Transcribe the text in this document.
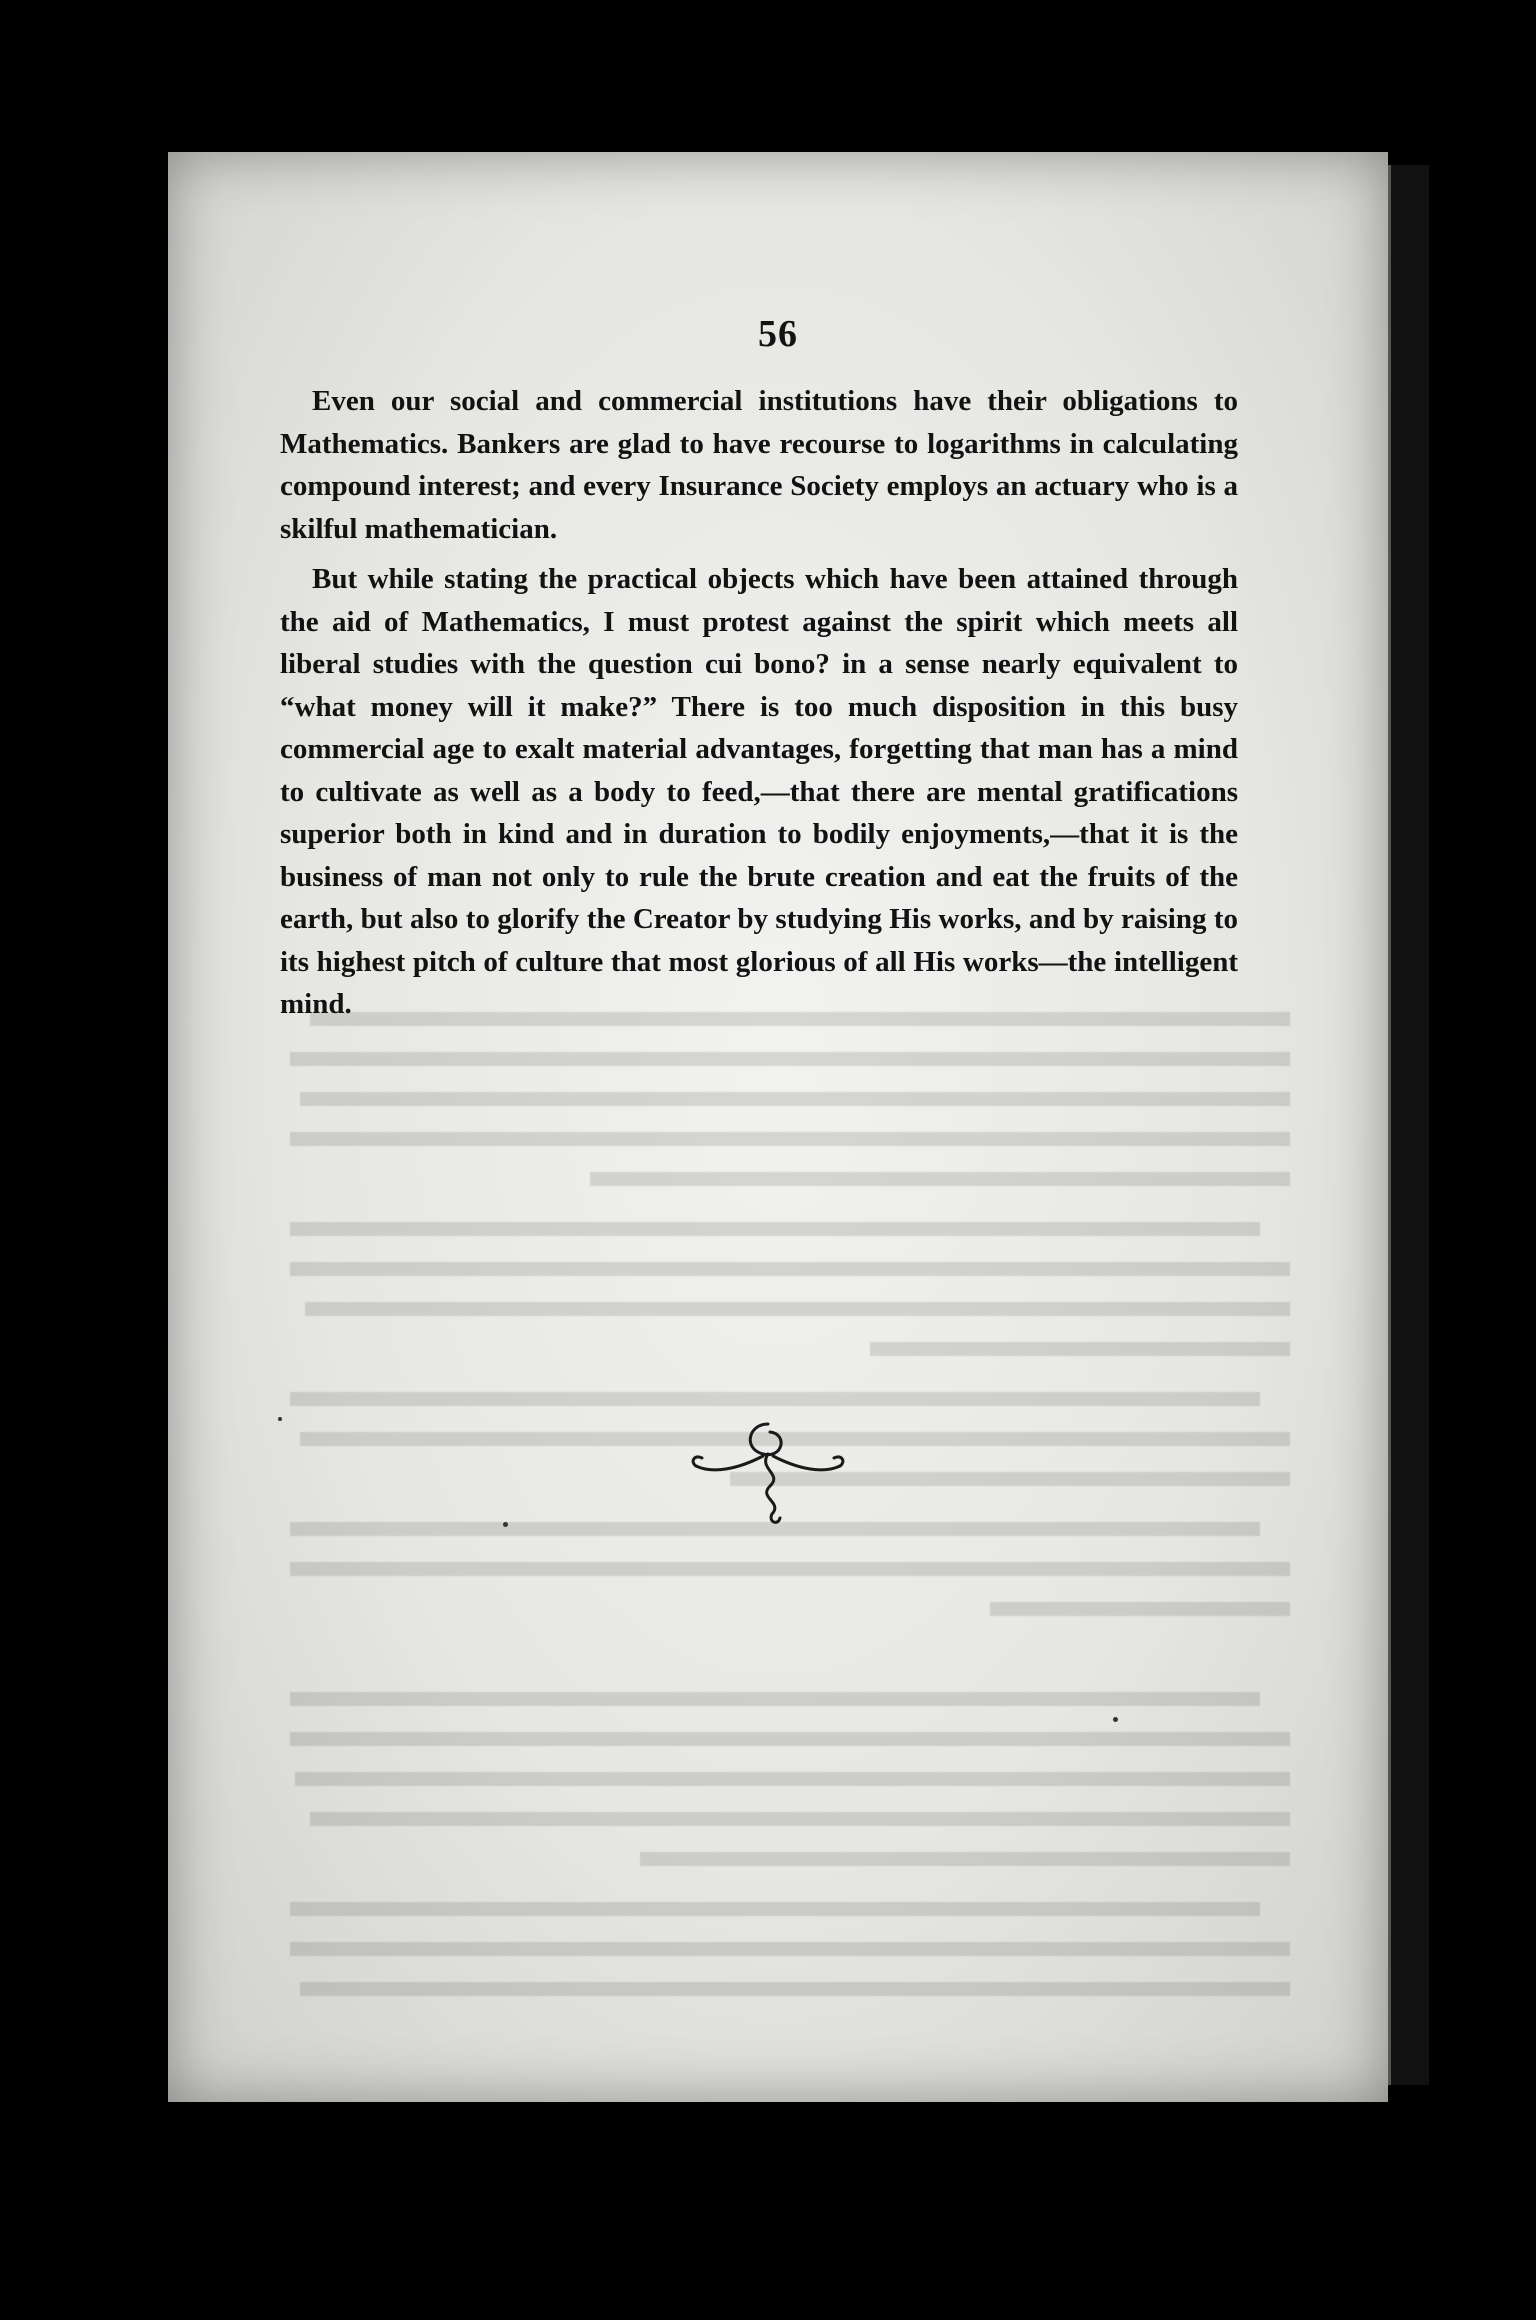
56

Even our social and commercial institutions have their obligations to Mathematics. Bankers are glad to have recourse to logarithms in calculating compound interest; and every Insurance Society employs an actuary who is a skilful mathematician.

But while stating the practical objects which have been attained through the aid of Mathematics, I must protest against the spirit which meets all liberal studies with the question cui bono? in a sense nearly equivalent to “what money will it make?” There is too much disposition in this busy commercial age to exalt material advantages, forgetting that man has a mind to cultivate as well as a body to feed,—that there are mental gratifications superior both in kind and in duration to bodily enjoyments,—that it is the business of man not only to rule the brute creation and eat the fruits of the earth, but also to glorify the Creator by studying His works, and by raising to its highest pitch of culture that most glorious of all His works—the intelligent mind.
